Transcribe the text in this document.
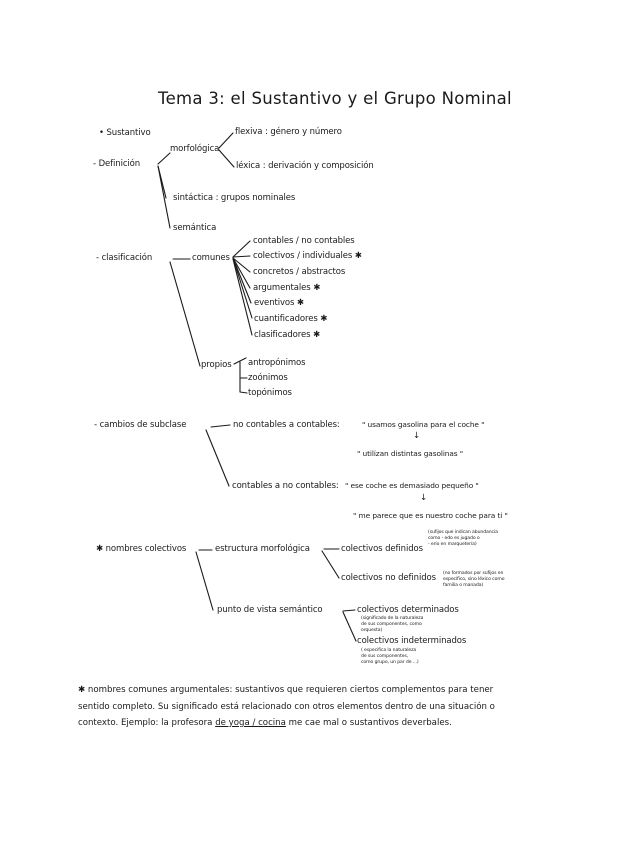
Tema 3: el Sustantivo y el Grupo Nominal
• Sustantivo
- Definición
morfológica
flexiva : género y número
léxica : derivación y composición
sintáctica : grupos nominales
semántica
- clasificación	comunes
contables / no contables
colectivos / individuales ✱
concretos / abstractos
argumentales ✱
eventivos ✱
cuantificadores ✱
clasificadores ✱
propios antropónimos
zoónimos
topónimos
- cambios de subclase	no contables a contables:	" usamos gasolina para el coche "
↓
" utilizan distintas gasolinas "
contables a no contables: " ese coche es demasiado pequeño "
↓
" me parece que es nuestro coche para ti "
✱ nombres colectivos	estructura morfológica	colectivos definidos
(sufijos que indican abundancia
como - edo es jugado o
- erío en marquetería)
colectivos no definidos (no formados por sufijos en
específico, sino léxico como
familia o manada)
punto de vista semántico	colectivos determinados
(significado de la naturaleza
de sus componentes, como
orquesta)
colectivos indeterminados
( especifica la naturaleza
de sus componentes,
como grupo, un par de ...)
✱ nombres comunes argumentales: sustantivos que requieren ciertos complementos para tener sentido completo. Su significado está relacionado con otros elementos dentro de una situación o contexto. Ejemplo: la profesora de yoga / cocina me cae mal o sustantivos deverbales.
